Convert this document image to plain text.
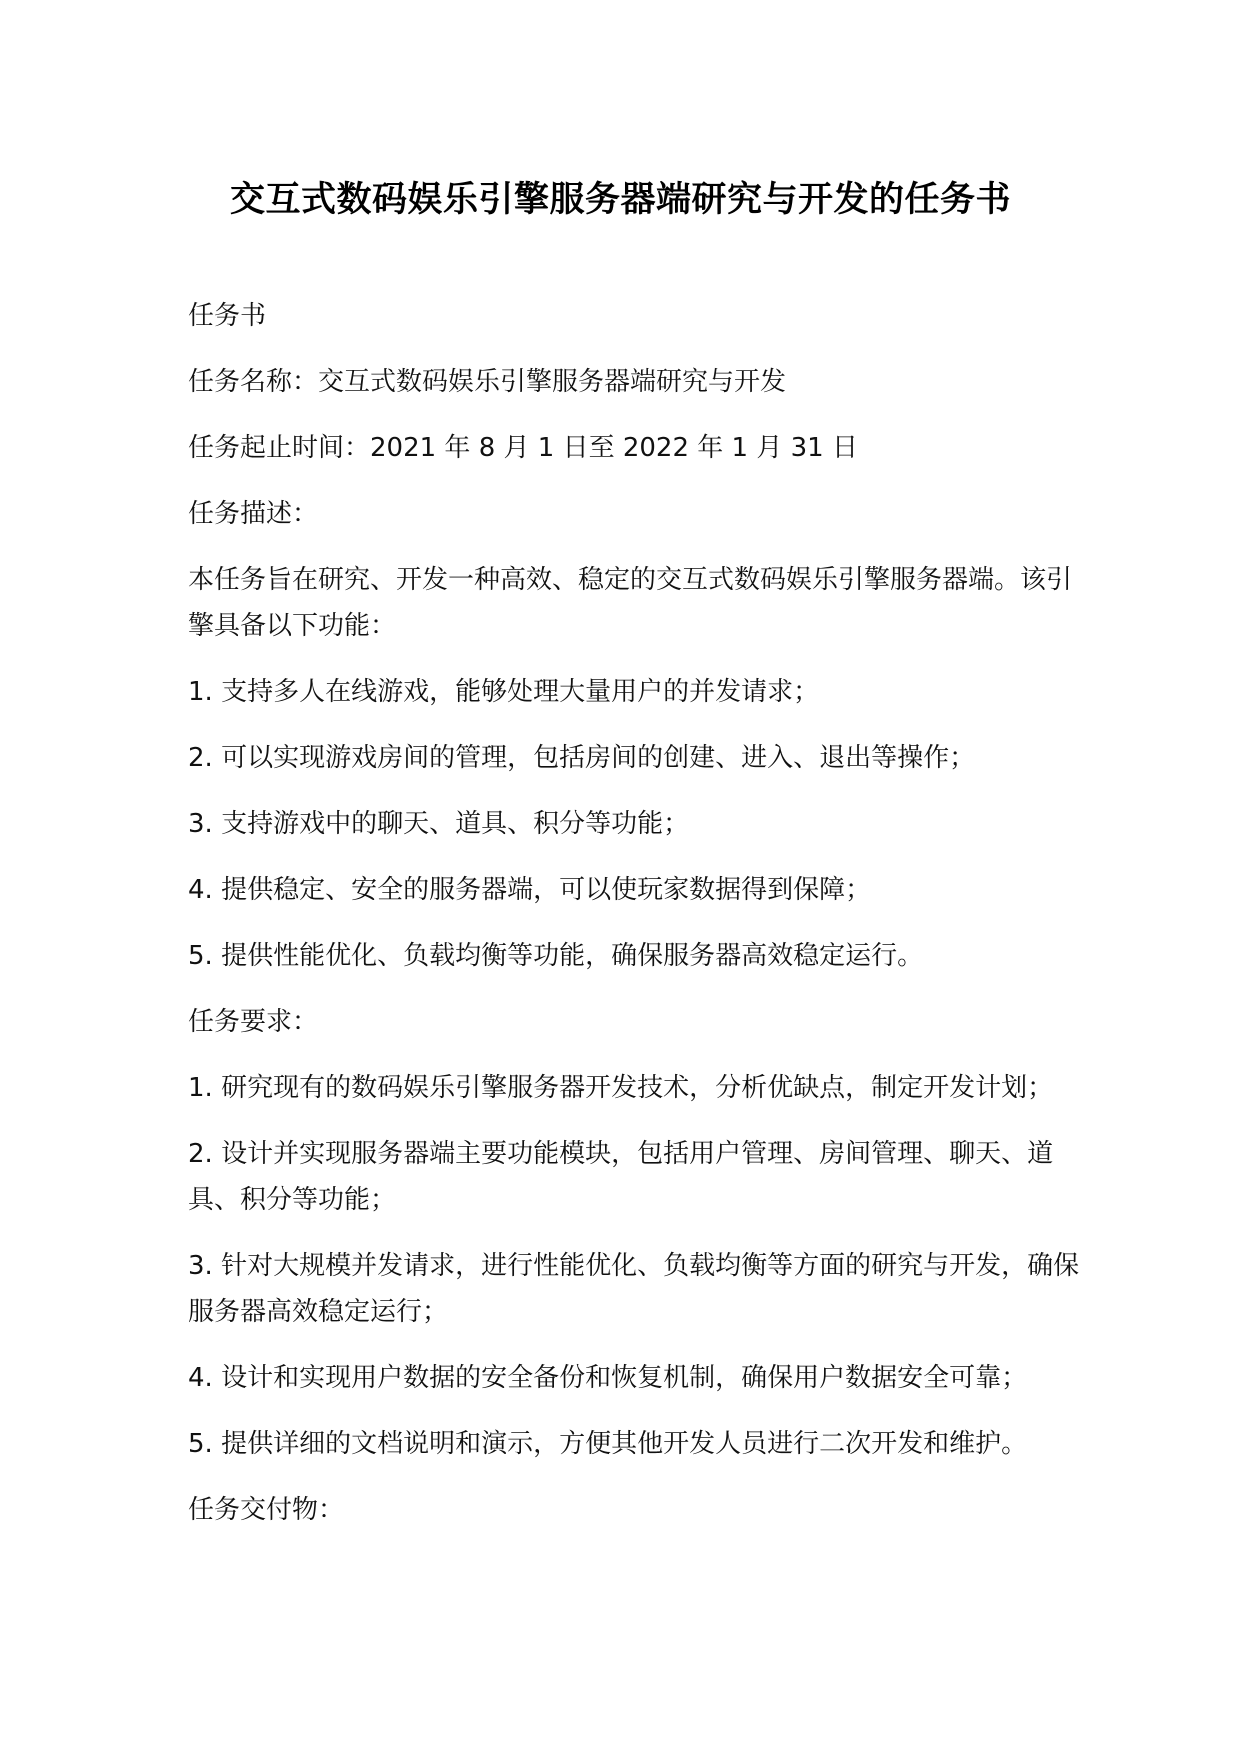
交互式数码娱乐引擎服务器端研究与开发的任务书

任务书

任务名称：交互式数码娱乐引擎服务器端研究与开发

任务起止时间：2021 年 8 月 1 日至 2022 年 1 月 31 日

任务描述：

本任务旨在研究、开发一种高效、稳定的交互式数码娱乐引擎服务器端。该引擎具备以下功能：

1. 支持多人在线游戏，能够处理大量用户的并发请求；

2. 可以实现游戏房间的管理，包括房间的创建、进入、退出等操作；

3. 支持游戏中的聊天、道具、积分等功能；

4. 提供稳定、安全的服务器端，可以使玩家数据得到保障；

5. 提供性能优化、负载均衡等功能，确保服务器高效稳定运行。

任务要求：

1. 研究现有的数码娱乐引擎服务器开发技术，分析优缺点，制定开发计划；

2. 设计并实现服务器端主要功能模块，包括用户管理、房间管理、聊天、道具、积分等功能；

3. 针对大规模并发请求，进行性能优化、负载均衡等方面的研究与开发，确保服务器高效稳定运行；

4. 设计和实现用户数据的安全备份和恢复机制，确保用户数据安全可靠；

5. 提供详细的文档说明和演示，方便其他开发人员进行二次开发和维护。

任务交付物：
